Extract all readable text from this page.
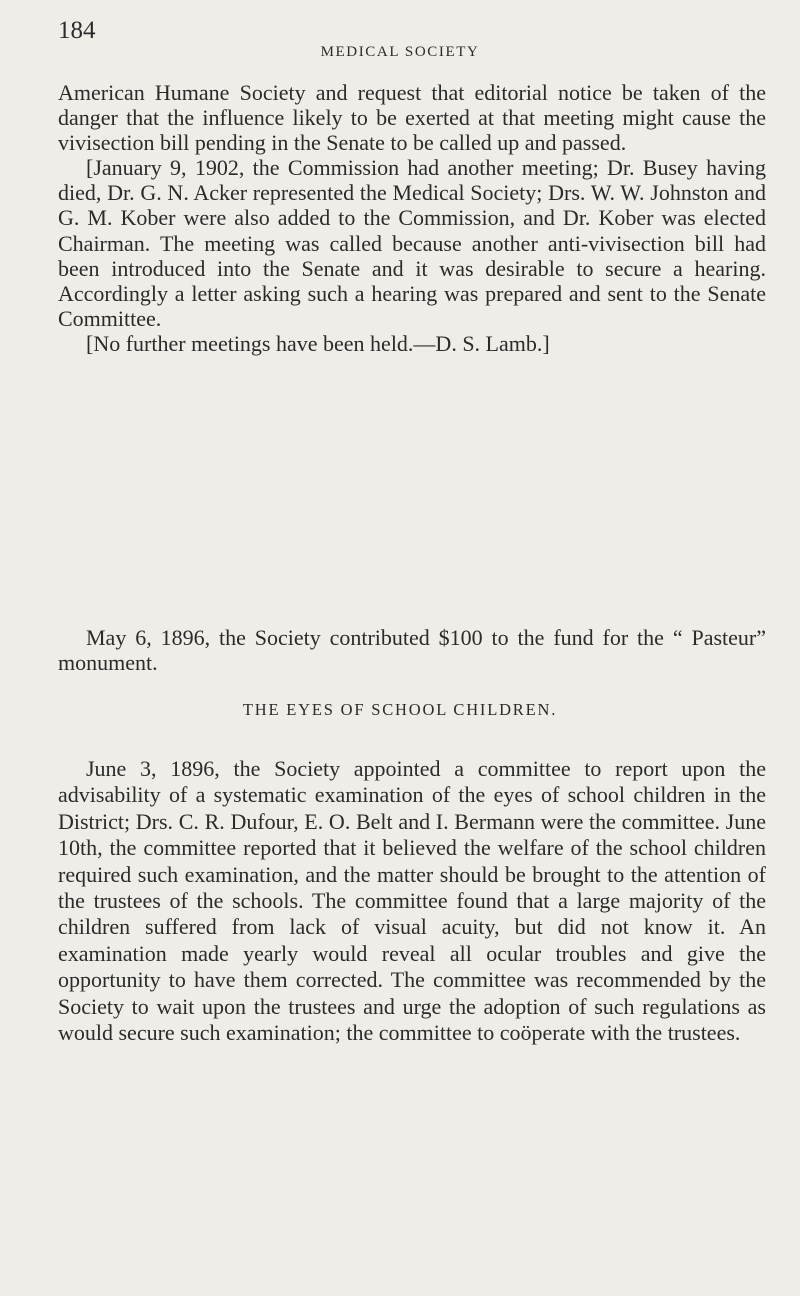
184
MEDICAL SOCIETY

American Humane Society and request that editorial notice be taken of the danger that the influence likely to be exerted at that meeting might cause the vivisection bill pending in the Senate to be called up and passed.

[January 9, 1902, the Commission had another meeting; Dr. Busey having died, Dr. G. N. Acker represented the Medical Society; Drs. W. W. Johnston and G. M. Kober were also added to the Commission, and Dr. Kober was elected Chairman. The meeting was called because another anti-vivisection bill had been introduced into the Senate and it was desirable to secure a hearing. Accordingly a letter asking such a hearing was prepared and sent to the Senate Committee.

[No further meetings have been held.—D. S. Lamb.]

May 6, 1896, the Society contributed $100 to the fund for the “ Pasteur” monument.

THE EYES OF SCHOOL CHILDREN.

June 3, 1896, the Society appointed a committee to report upon the advisability of a systematic examination of the eyes of school children in the District; Drs. C. R. Dufour, E. O. Belt and I. Bermann were the committee. June 10th, the committee reported that it believed the welfare of the school children required such examination, and the matter should be brought to the attention of the trustees of the schools. The committee found that a large majority of the children suffered from lack of visual acuity, but did not know it. An examination made yearly would reveal all ocular troubles and give the opportunity to have them corrected. The committee was recommended by the Society to wait upon the trustees and urge the adoption of such regulations as would secure such examination; the committee to coöperate with the trustees.
